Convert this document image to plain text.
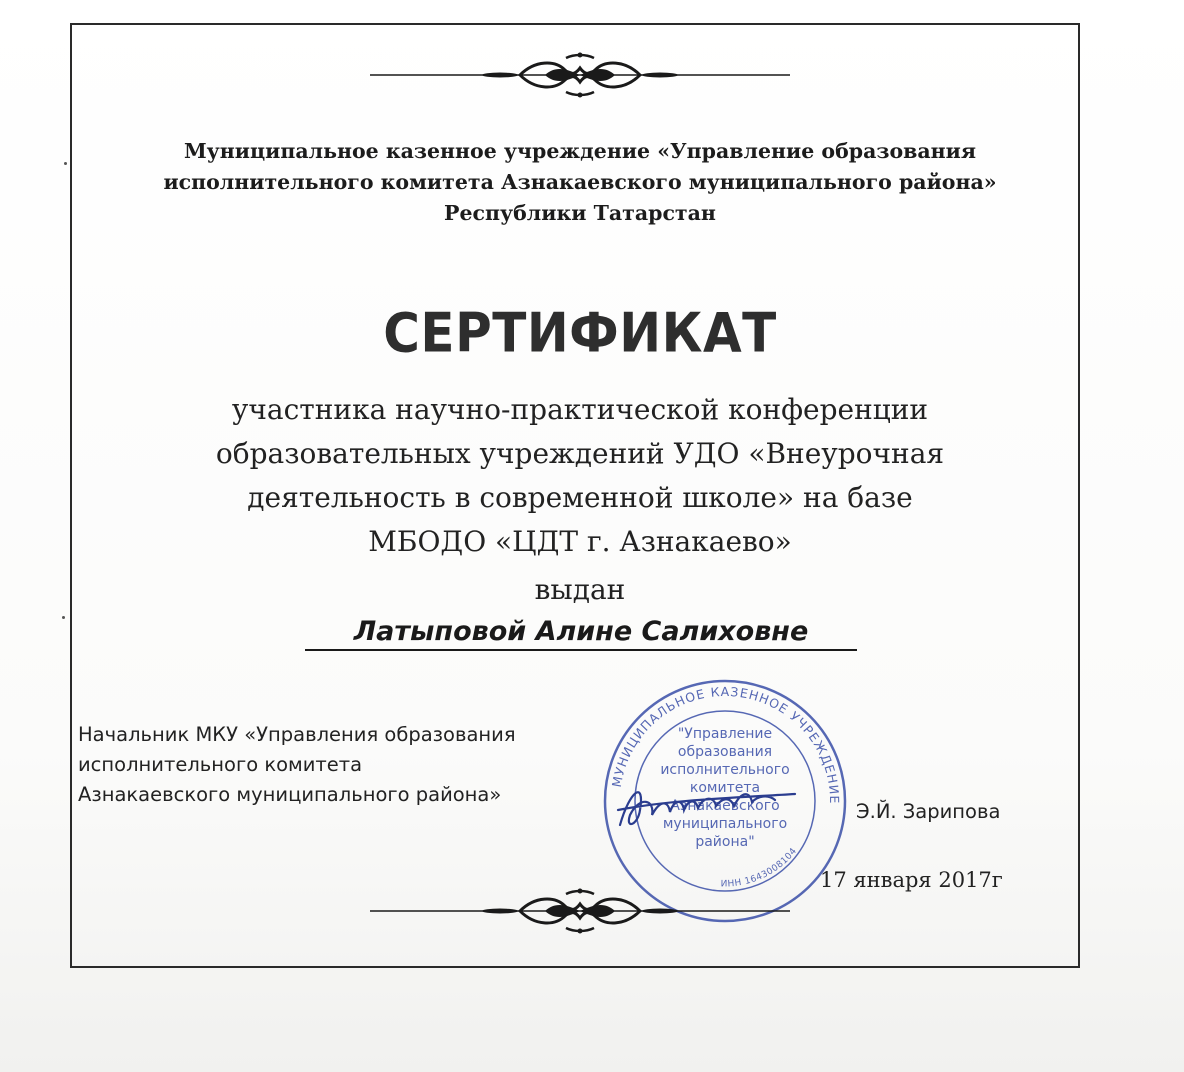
Муниципальное казенное учреждение «Управление образования
исполнительного комитета Азнакаевского муниципального района»
Республики Татарстан
СЕРТИФИКАТ
участника научно-практической конференции
образовательных учреждений УДО «Внеурочная
деятельность в современной школе» на базе
МБОДО «ЦДТ г. Азнакаево»
выдан
Латыповой Алине Салиховне
Начальник МКУ «Управления образования
исполнительного комитета
Азнакаевского муниципального района»
МУНИЦИПАЛЬНОЕ КАЗЕННОЕ УЧРЕЖДЕНИЕ
ИНН 1643008104
"Управление
образования
исполнительного
комитета
Азнакаевского
муниципального
района"
Э.Й. Зарипова
17 января 2017г
